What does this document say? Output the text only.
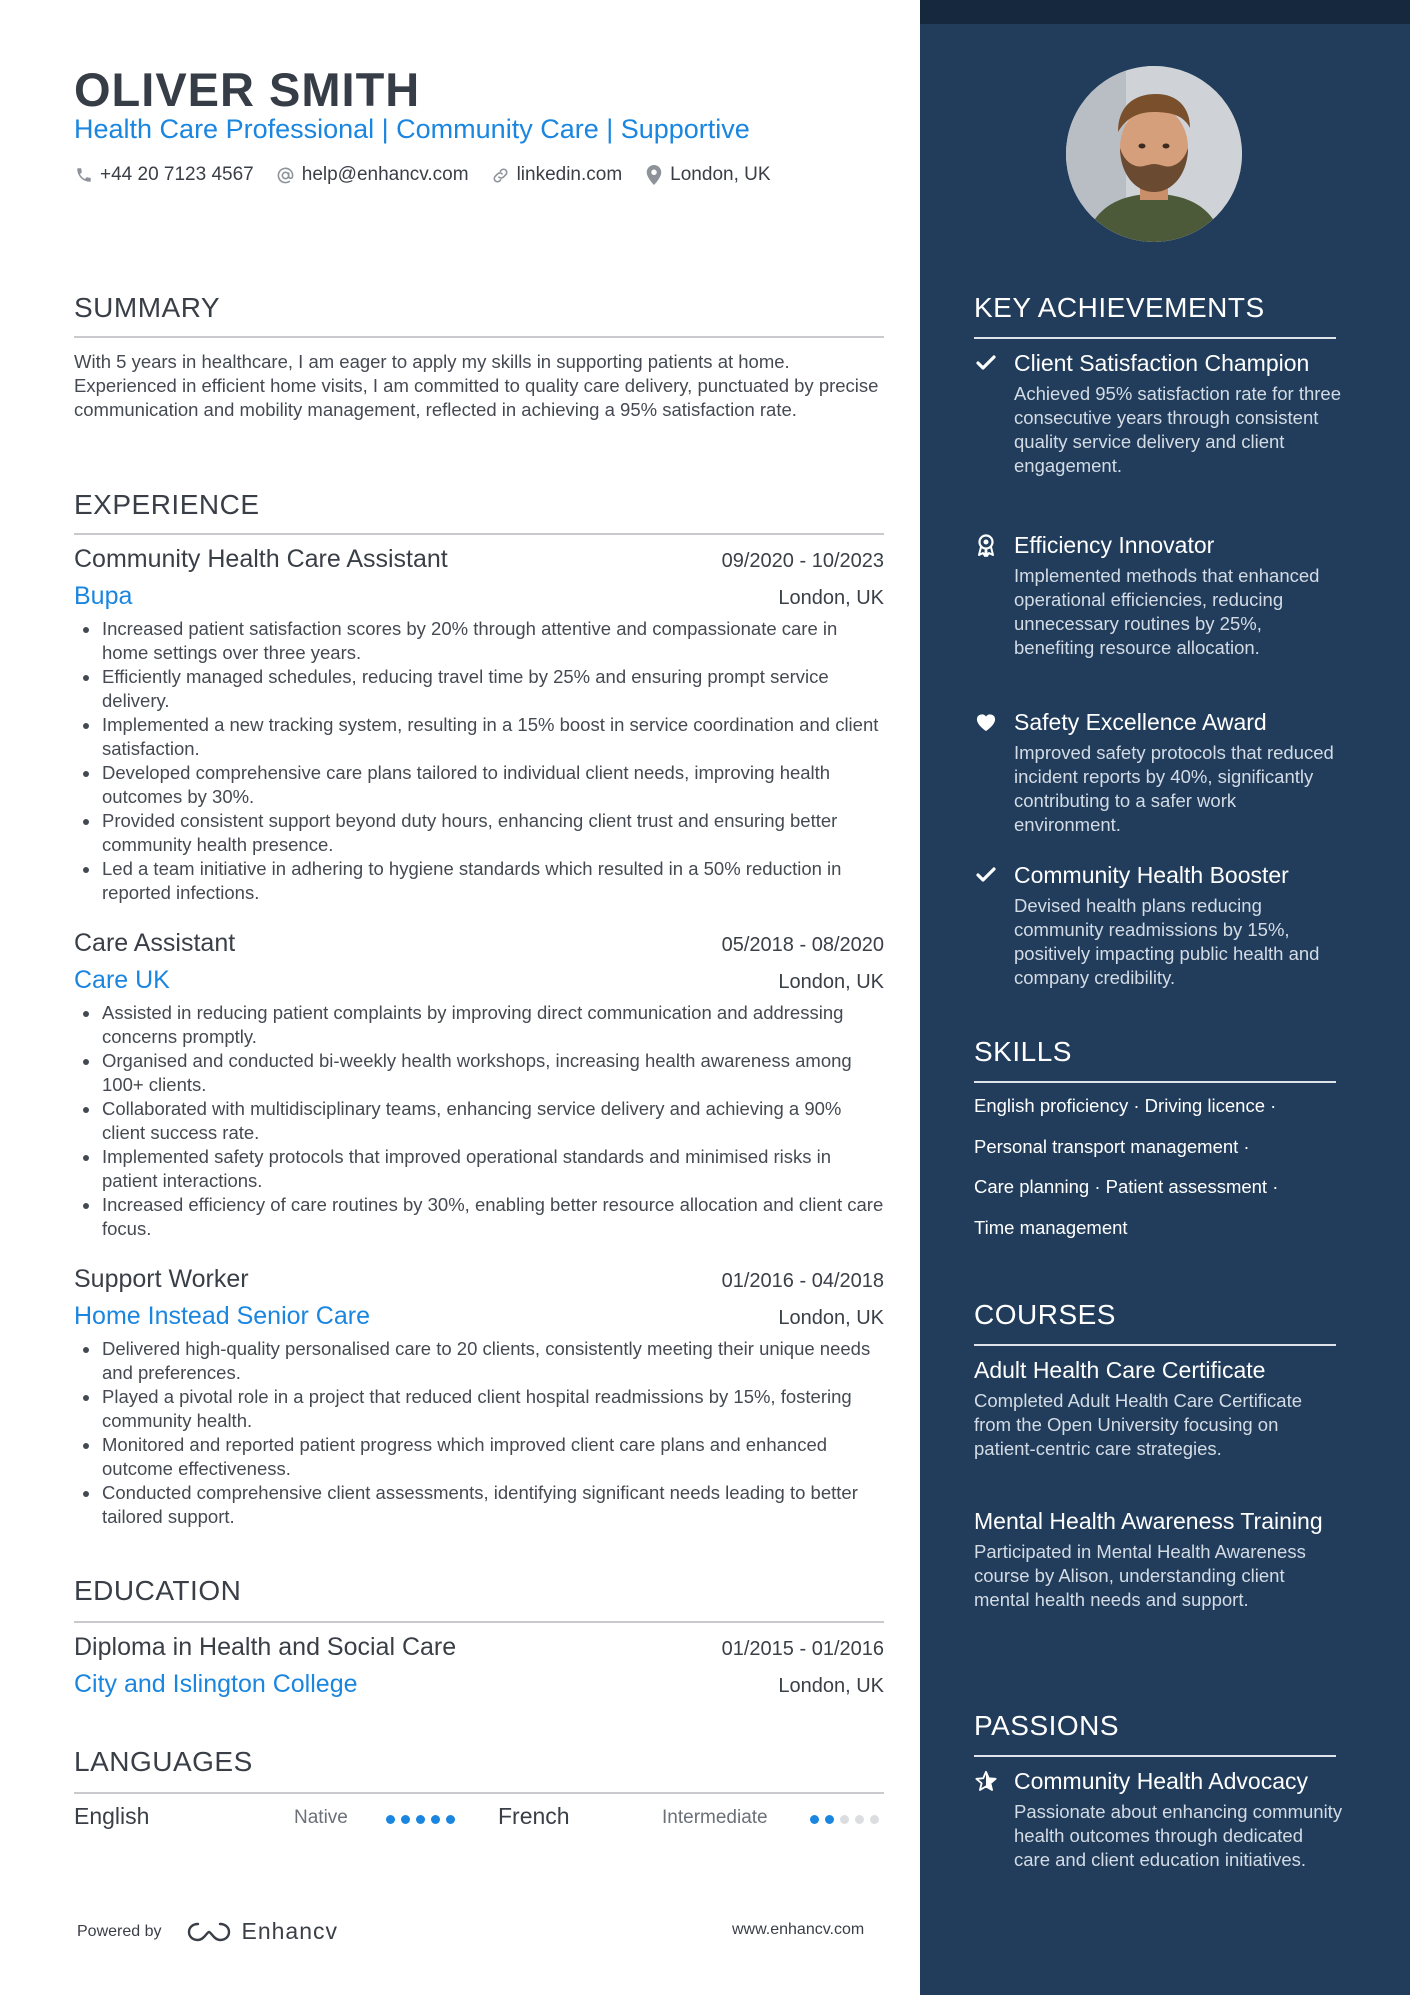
OLIVER SMITH
Health Care Professional | Community Care | Supportive
+44 20 7123 4567	help@enhancv.com	linkedin.com	London, UK
SUMMARY
With 5 years in healthcare, I am eager to apply my skills in supporting patients at home. Experienced in efficient home visits, I am committed to quality care delivery, punctuated by precise communication and mobility management, reflected in achieving a 95% satisfaction rate.
EXPERIENCE
Community Health Care Assistant	09/2020 - 10/2023
Bupa	London, UK
Increased patient satisfaction scores by 20% through attentive and compassionate care in home settings over three years.
Efficiently managed schedules, reducing travel time by 25% and ensuring prompt service delivery.
Implemented a new tracking system, resulting in a 15% boost in service coordination and client satisfaction.
Developed comprehensive care plans tailored to individual client needs, improving health outcomes by 30%.
Provided consistent support beyond duty hours, enhancing client trust and ensuring better community health presence.
Led a team initiative in adhering to hygiene standards which resulted in a 50% reduction in reported infections.
Care Assistant	05/2018 - 08/2020
Care UK	London, UK
Assisted in reducing patient complaints by improving direct communication and addressing concerns promptly.
Organised and conducted bi-weekly health workshops, increasing health awareness among 100+ clients.
Collaborated with multidisciplinary teams, enhancing service delivery and achieving a 90% client success rate.
Implemented safety protocols that improved operational standards and minimised risks in patient interactions.
Increased efficiency of care routines by 30%, enabling better resource allocation and client care focus.
Support Worker	01/2016 - 04/2018
Home Instead Senior Care	London, UK
Delivered high-quality personalised care to 20 clients, consistently meeting their unique needs and preferences.
Played a pivotal role in a project that reduced client hospital readmissions by 15%, fostering community health.
Monitored and reported patient progress which improved client care plans and enhanced outcome effectiveness.
Conducted comprehensive client assessments, identifying significant needs leading to better tailored support.
EDUCATION
Diploma in Health and Social Care	01/2015 - 01/2016
City and Islington College	London, UK
LANGUAGES
English	Native	French	Intermediate
Powered by	Enhancv	www.enhancv.com
KEY ACHIEVEMENTS
Client Satisfaction Champion
Achieved 95% satisfaction rate for three consecutive years through consistent quality service delivery and client engagement.
Efficiency Innovator
Implemented methods that enhanced operational efficiencies, reducing unnecessary routines by 25%, benefiting resource allocation.
Safety Excellence Award
Improved safety protocols that reduced incident reports by 40%, significantly contributing to a safer work environment.
Community Health Booster
Devised health plans reducing community readmissions by 15%, positively impacting public health and company credibility.
SKILLS
English proficiency · Driving licence ·
Personal transport management ·
Care planning · Patient assessment ·
Time management
COURSES
Adult Health Care Certificate
Completed Adult Health Care Certificate from the Open University focusing on patient-centric care strategies.
Mental Health Awareness Training
Participated in Mental Health Awareness course by Alison, understanding client mental health needs and support.
PASSIONS
Community Health Advocacy
Passionate about enhancing community health outcomes through dedicated care and client education initiatives.
